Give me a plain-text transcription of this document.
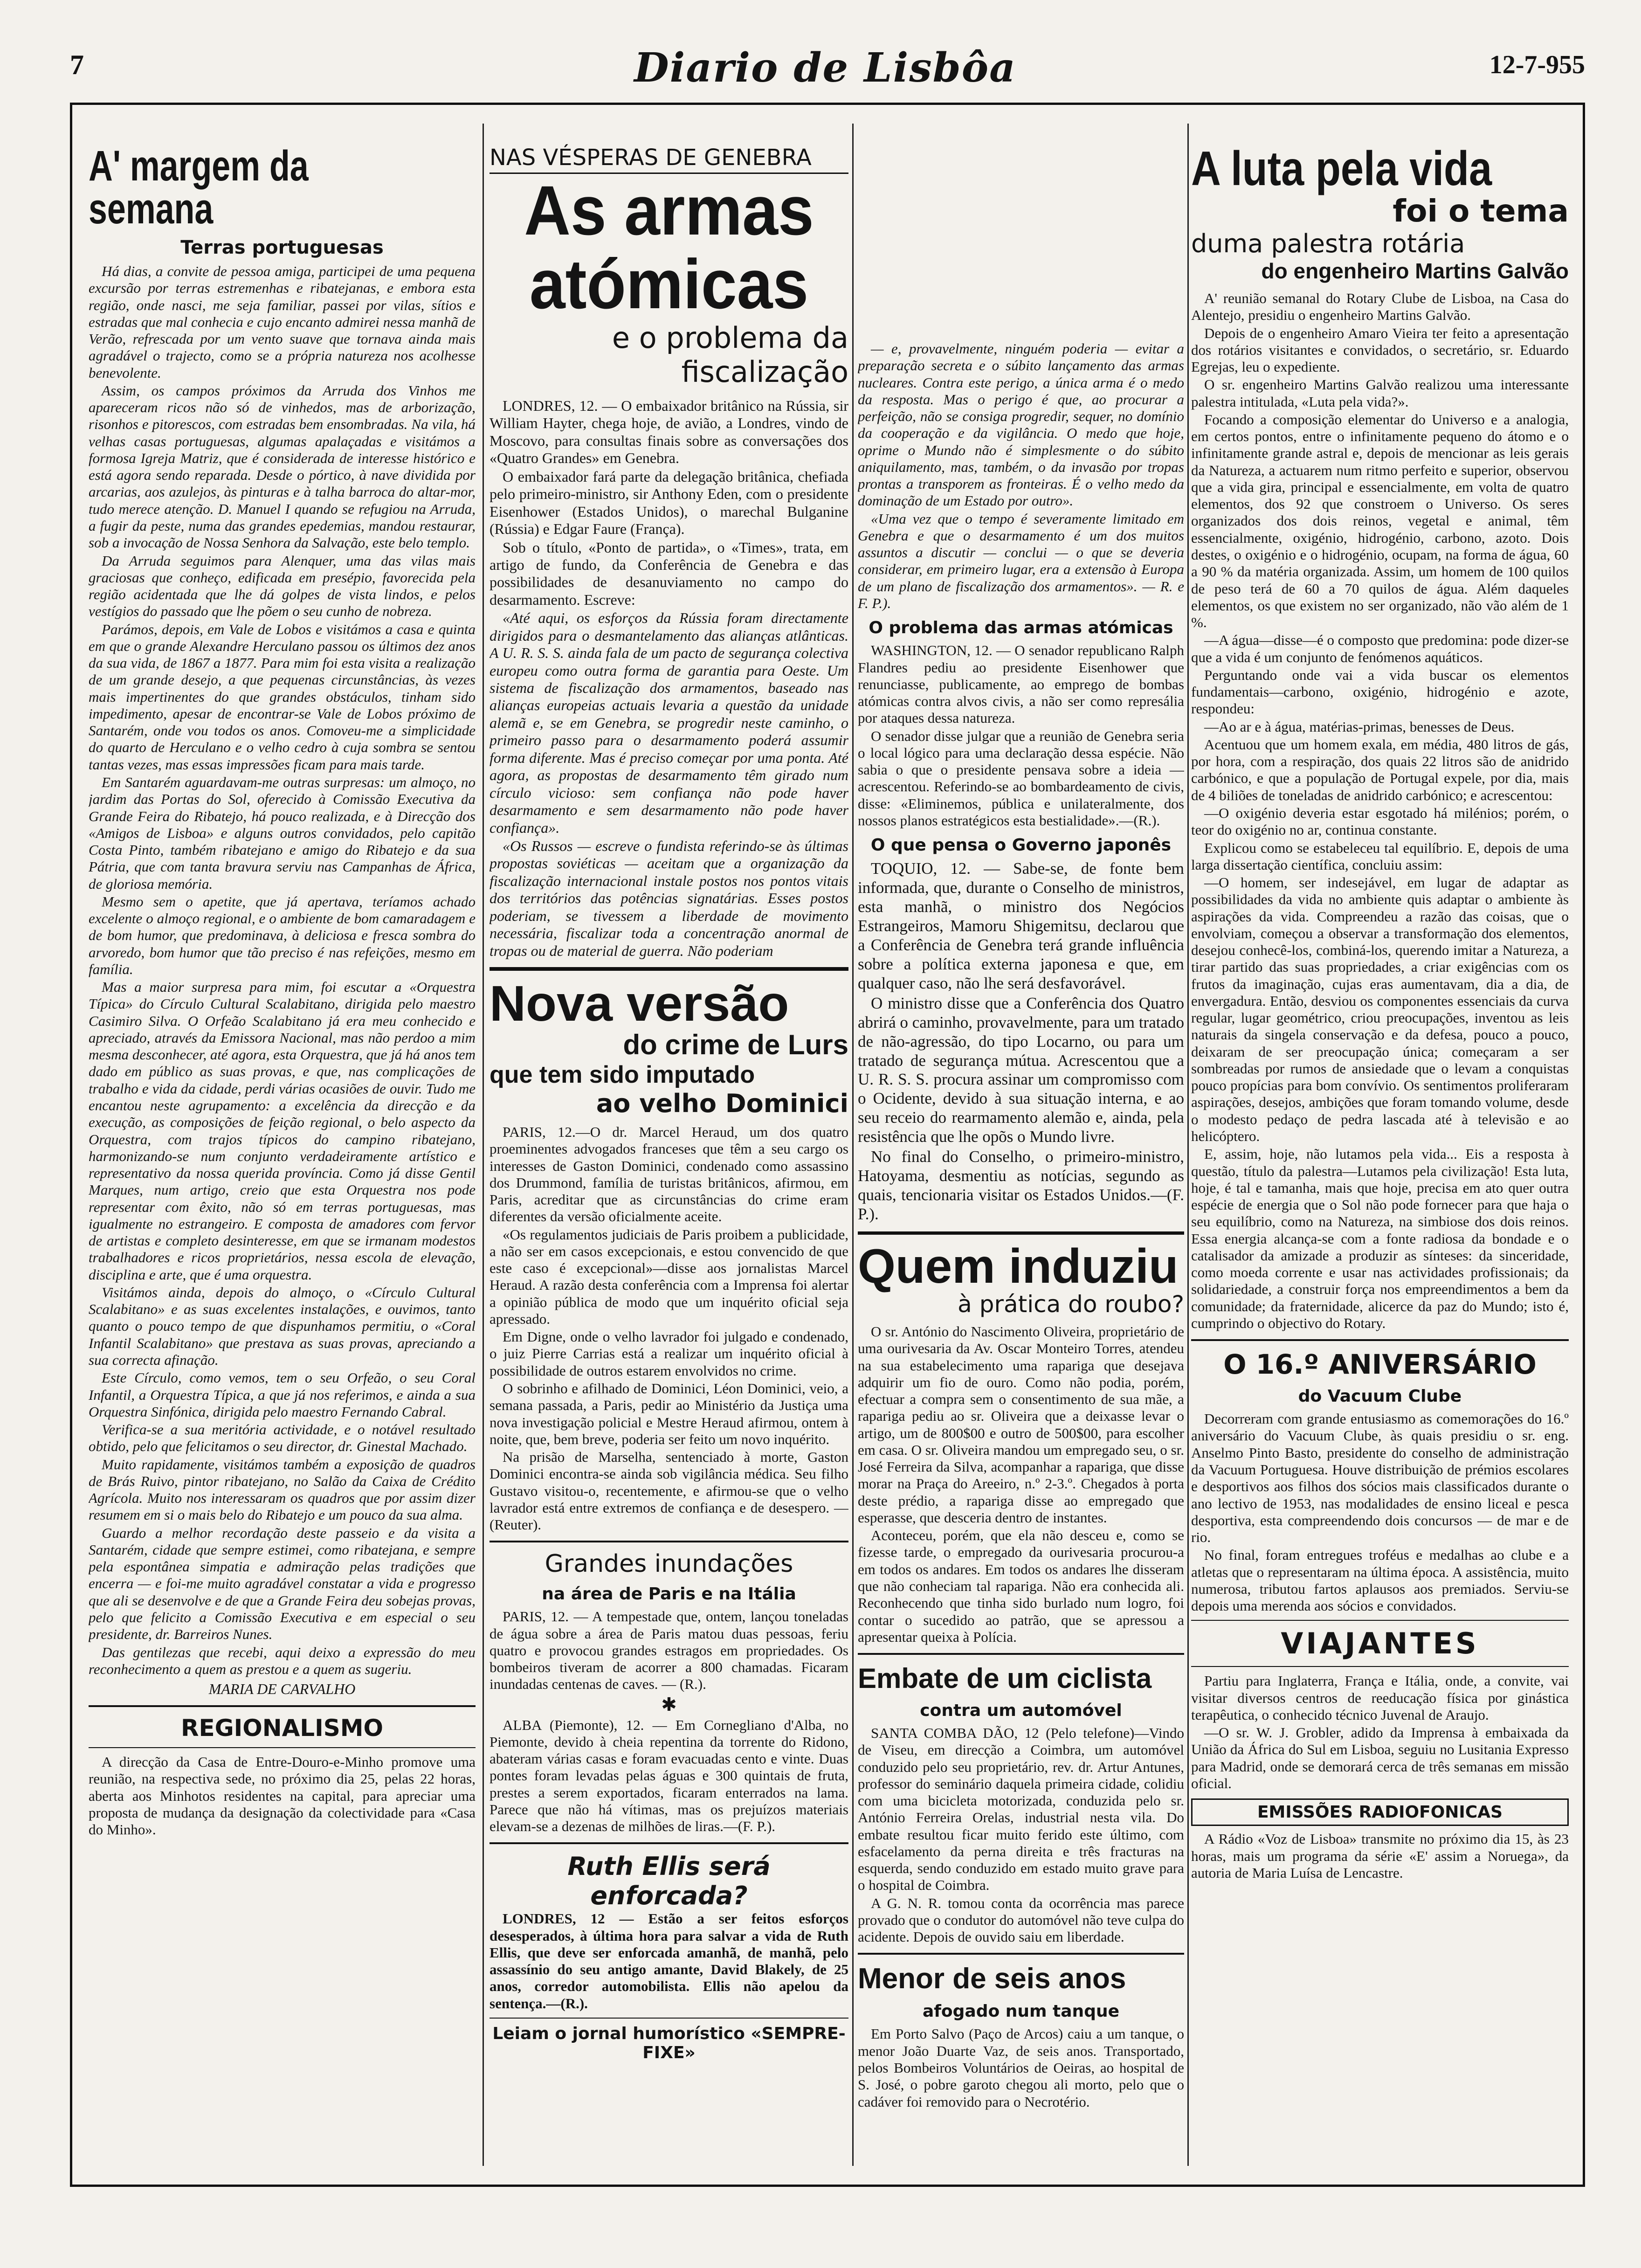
7	Diario de Lisbôa	12-7-955
A' margem da semana
Terras portuguesas

Há dias, a convite de pessoa amiga, participei de uma pequena excursão por terras estremenhas e ribatejanas, e embora esta região, onde nasci, me seja familiar, passei por vilas, sítios e estradas que mal conhecia e cujo encanto admirei nessa manhã de Verão, refrescada por um vento suave que tornava ainda mais agradável o trajecto, como se a própria natureza nos acolhesse benevolente.

Assim, os campos próximos da Arruda dos Vinhos me apareceram ricos não só de vinhedos, mas de arborização, risonhos e pitorescos, com estradas bem ensombradas. Na vila, há velhas casas portuguesas, algumas apalaçadas e visitámos a formosa Igreja Matriz, que é considerada de interesse histórico e está agora sendo reparada. Desde o pórtico, à nave dividida por arcarias, aos azulejos, às pinturas e à talha barroca do altar-mor, tudo merece atenção. D. Manuel I quando se refugiou na Arruda, a fugir da peste, numa das grandes epedemias, mandou restaurar, sob a invocação de Nossa Senhora da Salvação, este belo templo.

Da Arruda seguimos para Alenquer, uma das vilas mais graciosas que conheço, edificada em presépio, favorecida pela região acidentada que lhe dá golpes de vista lindos, e pelos vestígios do passado que lhe põem o seu cunho de nobreza.

Parámos, depois, em Vale de Lobos e visitámos a casa e quinta em que o grande Alexandre Herculano passou os últimos dez anos da sua vida, de 1867 a 1877. Para mim foi esta visita a realização de um grande desejo, a que pequenas circunstâncias, às vezes mais impertinentes do que grandes obstáculos, tinham sido impedimento, apesar de encontrar-se Vale de Lobos próximo de Santarém, onde vou todos os anos. Comoveu-me a simplicidade do quarto de Herculano e o velho cedro à cuja sombra se sentou tantas vezes, mas essas impressões ficam para mais tarde.

Em Santarém aguardavam-me outras surpresas: um almoço, no jardim das Portas do Sol, oferecido à Comissão Executiva da Grande Feira do Ribatejo, há pouco realizada, e à Direcção dos «Amigos de Lisboa» e alguns outros convidados, pelo capitão Costa Pinto, também ribatejano e amigo do Ribatejo e da sua Pátria, que com tanta bravura serviu nas Campanhas de África, de gloriosa memória.

Mesmo sem o apetite, que já apertava, teríamos achado excelente o almoço regional, e o ambiente de bom camaradagem e de bom humor, que predominava, à deliciosa e fresca sombra do arvoredo, bom humor que tão preciso é nas refeições, mesmo em família.

Mas a maior surpresa para mim, foi escutar a «Orquestra Típica» do Círculo Cultural Scalabitano, dirigida pelo maestro Casimiro Silva. O Orfeão Scalabitano já era meu conhecido e apreciado, através da Emissora Nacional, mas não perdoo a mim mesma desconhecer, até agora, esta Orquestra, que já há anos tem dado em público as suas provas, e que, nas complicações de trabalho e vida da cidade, perdi várias ocasiões de ouvir. Tudo me encantou neste agrupamento: a excelência da direcção e da execução, as composições de feição regional, o belo aspecto da Orquestra, com trajos típicos do campino ribatejano, harmonizando-se num conjunto verdadeiramente artístico e representativo da nossa querida província. Como já disse Gentil Marques, num artigo, creio que esta Orquestra nos pode representar com êxito, não só em terras portuguesas, mas igualmente no estrangeiro. E composta de amadores com fervor de artistas e completo desinteresse, em que se irmanam modestos trabalhadores e ricos proprietários, nessa escola de elevação, disciplina e arte, que é uma orquestra.

Visitámos ainda, depois do almoço, o «Círculo Cultural Scalabitano» e as suas excelentes instalações, e ouvimos, tanto quanto o pouco tempo de que dispunhamos permitiu, o «Coral Infantil Scalabitano» que prestava as suas provas, apreciando a sua correcta afinação.

Este Círculo, como vemos, tem o seu Orfeão, o seu Coral Infantil, a Orquestra Típica, a que já nos referimos, e ainda a sua Orquestra Sinfónica, dirigida pelo maestro Fernando Cabral.

Verifica-se a sua meritória actividade, e o notável resultado obtido, pelo que felicitamos o seu director, dr. Ginestal Machado.

Muito rapidamente, visitámos também a exposição de quadros de Brás Ruivo, pintor ribatejano, no Salão da Caixa de Crédito Agrícola. Muito nos interessaram os quadros que por assim dizer resumem em si o mais belo do Ribatejo e um pouco da sua alma.

Guardo a melhor recordação deste passeio e da visita a Santarém, cidade que sempre estimei, como ribatejana, e sempre pela espontânea simpatia e admiração pelas tradições que encerra — e foi-me muito agradável constatar a vida e progresso que ali se desenvolve e de que a Grande Feira deu sobejas provas, pelo que felicito a Comissão Executiva e em especial o seu presidente, dr. Barreiros Nunes.

Das gentilezas que recebi, aqui deixo a expressão do meu reconhecimento a quem as prestou e a quem as sugeriu.

MARIA DE CARVALHO
REGIONALISMO

A direcção da Casa de Entre-Douro-e-Minho promove uma reunião, na respectiva sede, no próximo dia 25, pelas 22 horas, aberta aos Minhotos residentes na capital, para apreciar uma proposta de mudança da designação da colectividade para «Casa do Minho».

NAS VÉSPERAS DE GENEBRA
As armas atómicas
e o problema da fiscalização

LONDRES, 12. — O embaixador britânico na Rússia, sir William Hayter, chega hoje, de avião, a Londres, vindo de Moscovo, para consultas finais sobre as conversações dos «Quatro Grandes» em Genebra.

O embaixador fará parte da delegação britânica, chefiada pelo primeiro-ministro, sir Anthony Eden, com o presidente Eisenhower (Estados Unidos), o marechal Bulganine (Rússia) e Edgar Faure (França).

Sob o título, «Ponto de partida», o «Times», trata, em artigo de fundo, da Conferência de Genebra e das possibilidades de desanuviamento no campo do desarmamento. Escreve:

«Até aqui, os esforços da Rússia foram directamente dirigidos para o desmantelamento das alianças atlânticas. A U. R. S. S. ainda fala de um pacto de segurança colectiva europeu como outra forma de garantia para Oeste. Um sistema de fiscalização dos armamentos, baseado nas alianças europeias actuais levaria a questão da unidade alemã e, se em Genebra, se progredir neste caminho, o primeiro passo para o desarmamento poderá assumir forma diferente. Mas é preciso começar por uma ponta. Até agora, as propostas de desarmamento têm girado num círculo vicioso: sem confiança não pode haver desarmamento e sem desarmamento não pode haver confiança».

«Os Russos — escreve o fundista referindo-se às últimas propostas soviéticas — aceitam que a organização da fiscalização internacional instale postos nos pontos vitais dos territórios das potências signatárias. Esses postos poderiam, se tivessem a liberdade de movimento necessária, fiscalizar toda a concentração anormal de tropas ou de material de guerra. Não poderiam

Nova versão
do crime de Lurs
que tem sido imputado
ao velho Dominici

PARIS, 12.—O dr. Marcel Heraud, um dos quatro proeminentes advogados franceses que têm a seu cargo os interesses de Gaston Dominici, condenado como assassino dos Drummond, família de turistas britânicos, afirmou, em Paris, acreditar que as circunstâncias do crime eram diferentes da versão oficialmente aceite.

«Os regulamentos judiciais de Paris proibem a publicidade, a não ser em casos excepcionais, e estou convencido de que este caso é excepcional»—disse aos jornalistas Marcel Heraud. A razão desta conferência com a Imprensa foi alertar a opinião pública de modo que um inquérito oficial seja apressado.

Em Digne, onde o velho lavrador foi julgado e condenado, o juiz Pierre Carrias está a realizar um inquérito oficial à possibilidade de outros estarem envolvidos no crime.

O sobrinho e afilhado de Dominici, Léon Dominici, veio, a semana passada, a Paris, pedir ao Ministério da Justiça uma nova investigação policial e Mestre Heraud afirmou, ontem à noite, que, bem breve, poderia ser feito um novo inquérito.

Na prisão de Marselha, sentenciado à morte, Gaston Dominici encontra-se ainda sob vigilância médica. Seu filho Gustavo visitou-o, recentemente, e afirmou-se que o velho lavrador está entre extremos de confiança e de desespero. —(Reuter).

Grandes inundações
na área de Paris e na Itália

PARIS, 12. — A tempestade que, ontem, lançou toneladas de água sobre a área de Paris matou duas pessoas, feriu quatro e provocou grandes estragos em propriedades. Os bombeiros tiveram de acorrer a 800 chamadas. Ficaram inundadas centenas de caves. — (R.).

✱

ALBA (Piemonte), 12. — Em Corneglianо d'Alba, no Piemonte, devido à cheia repentina da torrente do Ridono, abateram várias casas e foram evacuadas cento e vinte. Duas pontes foram levadas pelas águas e 300 quintais de fruta, prestes a serem exportados, ficaram enterrados na lama. Parece que não há vítimas, mas os prejuízos materiais elevam-se a dezenas de milhões de liras.—(F. P.).

Ruth Ellis será enforcada?

LONDRES, 12 — Estão a ser feitos esforços desesperados, à última hora para salvar a vida de Ruth Ellis, que deve ser enforcada amanhã, de manhã, pelo assassínio do seu antigo amante, David Blakely, de 25 anos, corredor automobilista. Ellis não apelou da sentença.—(R.).

Leiam o jornal humorístico «SEMPRE-FIXE»

— e, provavelmente, ninguém poderia — evitar a preparação secreta e o súbito lançamento das armas nucleares. Contra este perigo, a única arma é o medo da resposta. Mas o perigo é que, ao procurar a perfeição, não se consiga progredir, sequer, no domínio da cooperação e da vigilância. O medo que hoje, oprime o Mundo não é simplesmente o do súbito aniquilamento, mas, também, o da invasão por tropas prontas a transporem as fronteiras. É o velho medo da dominação de um Estado por outro».

«Uma vez que o tempo é severamente limitado em Genebra e que o desarmamento é um dos muitos assuntos a discutir — conclui — o que se deveria considerar, em primeiro lugar, era a extensão à Europa de um plano de fiscalização dos armamentos». — R. e F. P.).

O problema das armas atómicas

WASHINGTON, 12. — O senador republicano Ralph Flandres pediu ao presidente Eisenhower que renunciasse, publicamente, ao emprego de bombas atómicas contra alvos civis, a não ser como represália por ataques dessa natureza.

O senador disse julgar que a reunião de Genebra seria o local lógico para uma declaração dessa espécie. Não sabia o que o presidente pensava sobre a ideia — acrescentou. Referindo-se ao bombardeamento de civis, disse: «Eliminemos, pública e unilateralmente, dos nossos planos estratégicos esta bestialidade».—(R.).

O que pensa o Governo japonês

TOQUIO, 12. — Sabe-se, de fonte bem informada, que, durante o Conselho de ministros, esta manhã, o ministro dos Negócios Estrangeiros, Mamoru Shigemitsu, declarou que a Conferência de Genebra terá grande influência sobre a política externa japonesa e que, em qualquer caso, não lhe será desfavorável.

O ministro disse que a Conferência dos Quatro abrirá o caminho, provavelmente, para um tratado de não-agressão, do tipo Locarno, ou para um tratado de segurança mútua. Acrescentou que a U. R. S. S. procura assinar um compromisso com o Ocidente, devido à sua situação interna, e ao seu receio do rearmamento alemão e, ainda, pela resistência que lhe opõs o Mundo livre.

No final do Conselho, o primeiro-ministro, Hatoyama, desmentiu as notícias, segundo as quais, tencionaria visitar os Estados Unidos.—(F. P.).

Quem induziu
à prática do roubo?

O sr. António do Nascimento Oliveira, proprietário de uma ourivesaria da Av. Oscar Monteiro Torres, atendeu na sua estabelecimento uma rapariga que desejava adquirir um fio de ouro. Como não podia, porém, efectuar a compra sem o consentimento de sua mãe, a rapariga pediu ao sr. Oliveira que a deixasse levar o artigo, um de 800$00 e outro de 500$00, para escolher em casa. O sr. Oliveira mandou um empregado seu, o sr. José Ferreira da Silva, acompanhar a rapariga, que disse morar na Praça do Areeiro, n.º 2-3.º. Chegados à porta deste prédio, a rapariga disse ao empregado que esperasse, que desceria dentro de instantes.

Aconteceu, porém, que ela não desceu e, como se fizesse tarde, o empregado da ourivesaria procurou-a em todos os andares. Em todos os andares lhe disseram que não conheciam tal rapariga. Não era conhecida ali. Reconhecendo que tinha sido burlado num logro, foi contar o sucedido ao patrão, que se apressou a apresentar queixa à Polícia.

Embate de um ciclista
contra um automóvel

SANTA COMBA DÃO, 12 (Pelo telefone)—Vindo de Viseu, em direcção a Coimbra, um automóvel conduzido pelo seu proprietário, rev. dr. Artur Antunes, professor do seminário daquela primeira cidade, colidiu com uma bicicleta motorizada, conduzida pelo sr. António Ferreira Orelas, industrial nesta vila. Do embate resultou ficar muito ferido este último, com esfacelamento da perna direita e três fracturas na esquerda, sendo conduzido em estado muito grave para o hospital de Coimbra.

A G. N. R. tomou conta da ocorrência mas parece provado que o condutor do automóvel não teve culpa do acidente. Depois de ouvido saiu em liberdade.

Menor de seis anos
afogado num tanque

Em Porto Salvo (Paço de Arcos) caiu a um tanque, o menor João Duarte Vaz, de seis anos. Transportado, pelos Bombeiros Voluntários de Oeiras, ao hospital de S. José, o pobre garoto chegou ali morto, pelo que o cadáver foi removido para o Necrotério.

A luta pela vida
foi o tema
duma palestra rotária
do engenheiro Martins Galvão

A' reunião semanal do Rotary Clube de Lisboa, na Casa do Alentejo, presidiu o engenheiro Martins Galvão.

Depois de o engenheiro Amaro Vieira ter feito a apresentação dos rotários visitantes e convidados, o secretário, sr. Eduardo Egrejas, leu o expediente.

O sr. engenheiro Martins Galvão realizou uma interessante palestra intitulada, «Luta pela vida?».

Focando a composição elementar do Universo e a analogia, em certos pontos, entre o infinitamente pequeno do átomo e o infinitamente grande astral e, depois de mencionar as leis gerais da Natureza, a actuarem num ritmo perfeito e superior, observou que a vida gira, principal e essencialmente, em volta de quatro elementos, dos 92 que constroem o Universo. Os seres organizados dos dois reinos, vegetal e animal, têm essencialmente, oxigénio, hidrogénio, carbono, azoto. Dois destes, o oxigénio e o hidrogénio, ocupam, na forma de água, 60 a 90 % da matéria organizada. Assim, um homem de 100 quilos de peso terá de 60 a 70 quilos de água. Além daqueles elementos, os que existem no ser organizado, não vão além de 1 %.

—A água—disse—é o composto que predomina: pode dizer-se que a vida é um conjunto de fenómenos aquáticos.

Perguntando onde vai a vida buscar os elementos fundamentais—carbono, oxigénio, hidrogénio e azote, respondeu:

—Ao ar e à água, matérias-primas, benesses de Deus.

Acentuou que um homem exala, em média, 480 litros de gás, por hora, com a respiração, dos quais 22 litros são de anidrido carbónico, e que a população de Portugal expele, por dia, mais de 4 biliões de toneladas de anidrido carbónico; e acrescentou:

—O oxigénio deveria estar esgotado há milénios; porém, o teor do oxigénio no ar, continua constante.

Explicou como se estabeleceu tal equilíbrio. E, depois de uma larga dissertação científica, concluiu assim:

—O homem, ser indesejável, em lugar de adaptar as possibilidades da vida no ambiente quis adaptar o ambiente às aspirações da vida. Compreendeu a razão das coisas, que o envolviam, começou a observar a transformação dos elementos, desejou conhecê-los, combiná-los, querendo imitar a Natureza, a tirar partido das suas propriedades, a criar exigências com os frutos da imaginação, cujas eras aumentavam, dia a dia, de envergadura. Então, desviou os componentes essenciais da curva regular, lugar geométrico, criou preocupações, inventou as leis naturais da singela conservação e da defesa, pouco a pouco, deixaram de ser preocupação única; começaram a ser sombreadas por rumos de ansiedade que o levam a conquistas pouco propícias para bom convívio. Os sentimentos proliferaram aspirações, desejos, ambições que foram tomando volume, desde o modesto pedaço de pedra lascada até à televisão e ao helicóptero.

E, assim, hoje, não lutamos pela vida... Eis a resposta à questão, título da palestra—Lutamos pela civilização! Esta luta, hoje, é tal e tamanha, mais que hoje, precisa em ato quer outra espécie de energia que o Sol não pode fornecer para que haja o seu equilíbrio, como na Natureza, na simbiose dos dois reinos. Essa energia alcança-se com a fonte radiosa da bondade e o catalisador da amizade a produzir as sínteses: da sinceridade, como moeda corrente e usar nas actividades profissionais; da solidariedade, a construir força nos empreendimentos a bem da comunidade; da fraternidade, alicerce da paz do Mundo; isto é, cumprindo o objectivo do Rotary.

O 16.º ANIVERSÁRIO
do Vacuum Clube

Decorreram com grande entusiasmo as comemorações do 16.º aniversário do Vacuum Clube, às quais presidiu o sr. eng. Anselmo Pinto Basto, presidente do conselho de administração da Vacuum Portuguesa. Houve distribuição de prémios escolares e desportivos aos filhos dos sócios mais classificados durante o ano lectivo de 1953, nas modalidades de ensino liceal e pesca desportiva, esta compreendendo dois concursos — de mar e de rio.

No final, foram entregues troféus e medalhas ao clube e a atletas que o representaram na última época. A assistência, muito numerosa, tributou fartos aplausos aos premiados. Serviu-se depois uma merenda aos sócios e convidados.

VIAJANTES

Partiu para Inglaterra, França e Itália, onde, a convite, vai visitar diversos centros de reeducação física por ginástica terapêutica, o conhecido técnico Juvenal de Araujo.

—O sr. W. J. Grobler, adido da Imprensa à embaixada da União da África do Sul em Lisboa, seguiu no Lusitania Expresso para Madrid, onde se demorará cerca de três semanas em missão oficial.

EMISSÕES RADIOFONICAS

A Rádio «Voz de Lisboa» transmite no próximo dia 15, às 23 horas, mais um programa da série «E' assim a Noruega», da autoria de Maria Luísa de Lencastre.
